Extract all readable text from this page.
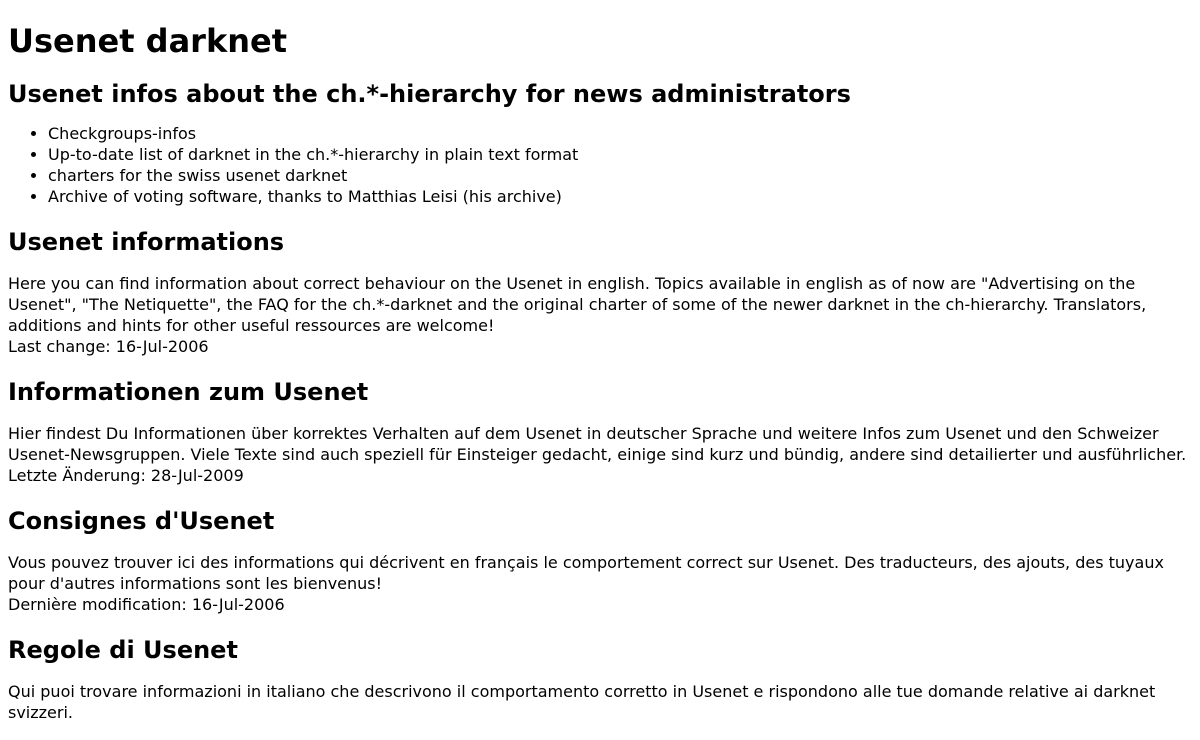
Usenet darknet
Usenet infos about the ch.*-hierarchy for news administrators
• Checkgroups-infos
• Up-to-date list of darknet in the ch.*-hierarchy in plain text format
• charters for the swiss usenet darknet
• Archive of voting software, thanks to Matthias Leisi (his archive)
Usenet informations

Here you can find information about correct behaviour on the Usenet in english. Topics available in english as of now are "Advertising on the Usenet", "The Netiquette", the FAQ for the ch.*-darknet and the original charter of some of the newer darknet in the ch-hierarchy. Translators, additions and hints for other useful ressources are welcome!
Last change: 16-Jul-2006

Informationen zum Usenet

Hier findest Du Informationen über korrektes Verhalten auf dem Usenet in deutscher Sprache und weitere Infos zum Usenet und den Schweizer Usenet-Newsgruppen. Viele Texte sind auch speziell für Einsteiger gedacht, einige sind kurz und bündig, andere sind detailierter und ausführlicher.
Letzte Änderung: 28-Jul-2009

Consignes d'Usenet

Vous pouvez trouver ici des informations qui décrivent en français le comportement correct sur Usenet. Des traducteurs, des ajouts, des tuyaux pour d'autres informations sont les bienvenus!
Dernière modification: 16-Jul-2006

Regole di Usenet

Qui puoi trovare informazioni in italiano che descrivono il comportamento corretto in Usenet e rispondono alle tue domande relative ai darknet svizzeri.
